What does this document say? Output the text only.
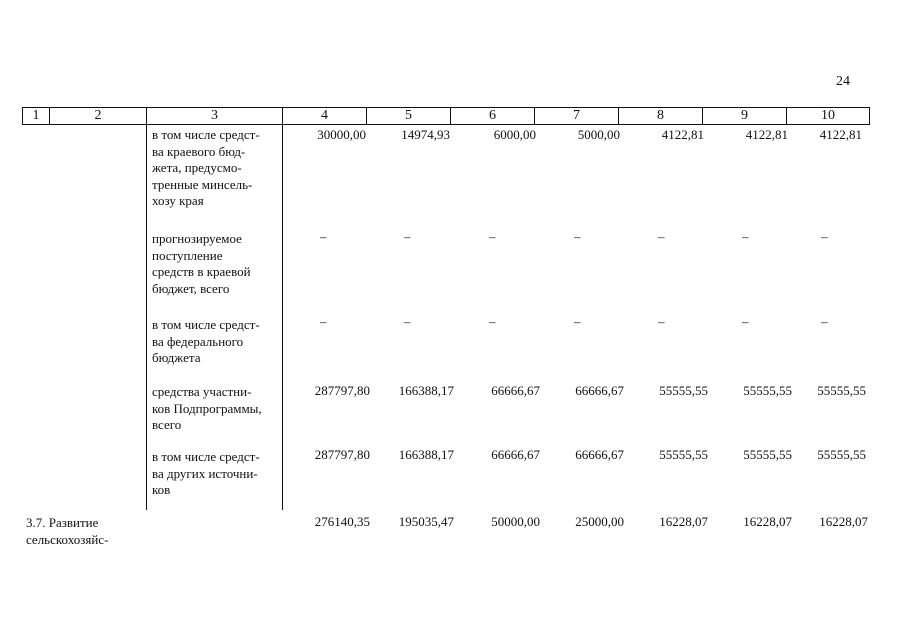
24
1	2	3	4	5	6	7	8	9	10
в том числе средст-
ва краевого бюд-
жета, предусмо-
тренные минсель-
хозу края
30000,00	14974,93	6000,00	5000,00	4122,81	4122,81 4122,81
прогнозируемое
поступление
средств в краевой
бюджет, всего
–	–	–	–	–	–	–
в том числе средст-
ва федерального
бюджета
–	–	–	–	–	–	–
средства участни-
ков Подпрограммы,
всего
287797,80 166388,17	66666,67	66666,67	55555,55	55555,55 55555,55
в том числе средст-
ва других источни-
ков
287797,80 166388,17	66666,67	66666,67	55555,55	55555,55 55555,55
3.7. Развитие
сельскохозяйс-
276140,35 195035,47	50000,00	25000,00	16228,07	16228,07 16228,07
